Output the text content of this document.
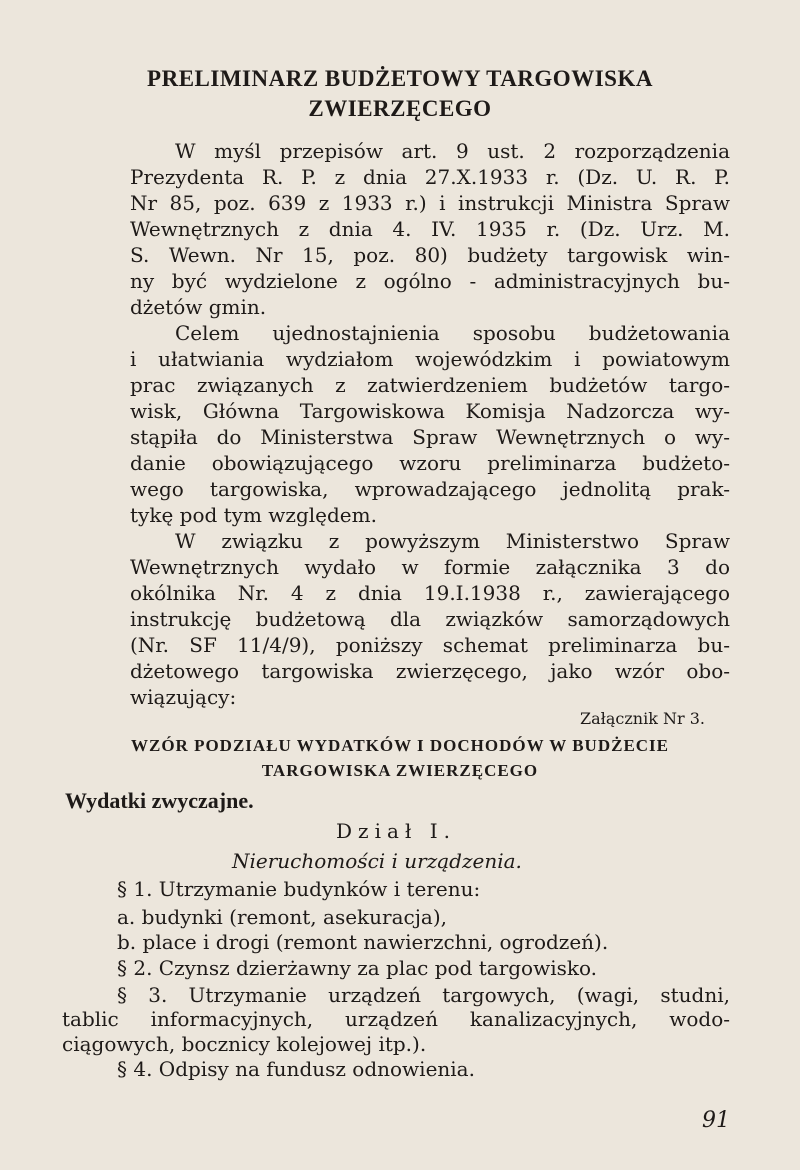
PRELIMINARZ BUDŻETOWY TARGOWISKA
ZWIERZĘCEGO
W myśl przepisów art. 9 ust. 2 rozporządzenia
Prezydenta R. P. z dnia 27.X.1933 r. (Dz. U. R. P.
Nr 85, poz. 639 z 1933 r.) i instrukcji Ministra Spraw
Wewnętrznych z dnia 4. IV. 1935 r. (Dz. Urz. M.
S. Wewn. Nr 15, poz. 80) budżety targowisk win-
ny być wydzielone z ogólno - administracyjnych bu-
dżetów gmin.
Celem ujednostajnienia sposobu budżetowania
i ułatwiania wydziałom wojewódzkim i powiatowym
prac związanych z zatwierdzeniem budżetów targo-
wisk, Główna Targowiskowa Komisja Nadzorcza wy-
stąpiła do Ministerstwa Spraw Wewnętrznych o wy-
danie obowiązującego wzoru preliminarza budżeto-
wego targowiska, wprowadzającego jednolitą prak-
tykę pod tym względem.
W związku z powyższym Ministerstwo Spraw
Wewnętrznych wydało w formie załącznika 3 do
okólnika Nr. 4 z dnia 19.I.1938 r., zawierającego
instrukcję budżetową dla związków samorządowych
(Nr. SF 11/4/9), poniższy schemat preliminarza bu-
dżetowego targowiska zwierzęcego, jako wzór obo-
wiązujący:
Załącznik Nr 3.
WZÓR PODZIAŁU WYDATKÓW I DOCHODÓW W BUDŻECIE
TARGOWISKA ZWIERZĘCEGO
Wydatki zwyczajne.
Dział I.
Nieruchomości i urządzenia.
§ 1. Utrzymanie budynków i terenu:
a. budynki (remont, asekuracja),
b. place i drogi (remont nawierzchni, ogrodzeń).
§ 2. Czynsz dzierżawny za plac pod targowisko.
§ 3. Utrzymanie urządzeń targowych, (wagi, studni,
tablic informacyjnych, urządzeń kanalizacyjnych, wodo-
ciągowych, bocznicy kolejowej itp.).
§ 4. Odpisy na fundusz odnowienia.
91
